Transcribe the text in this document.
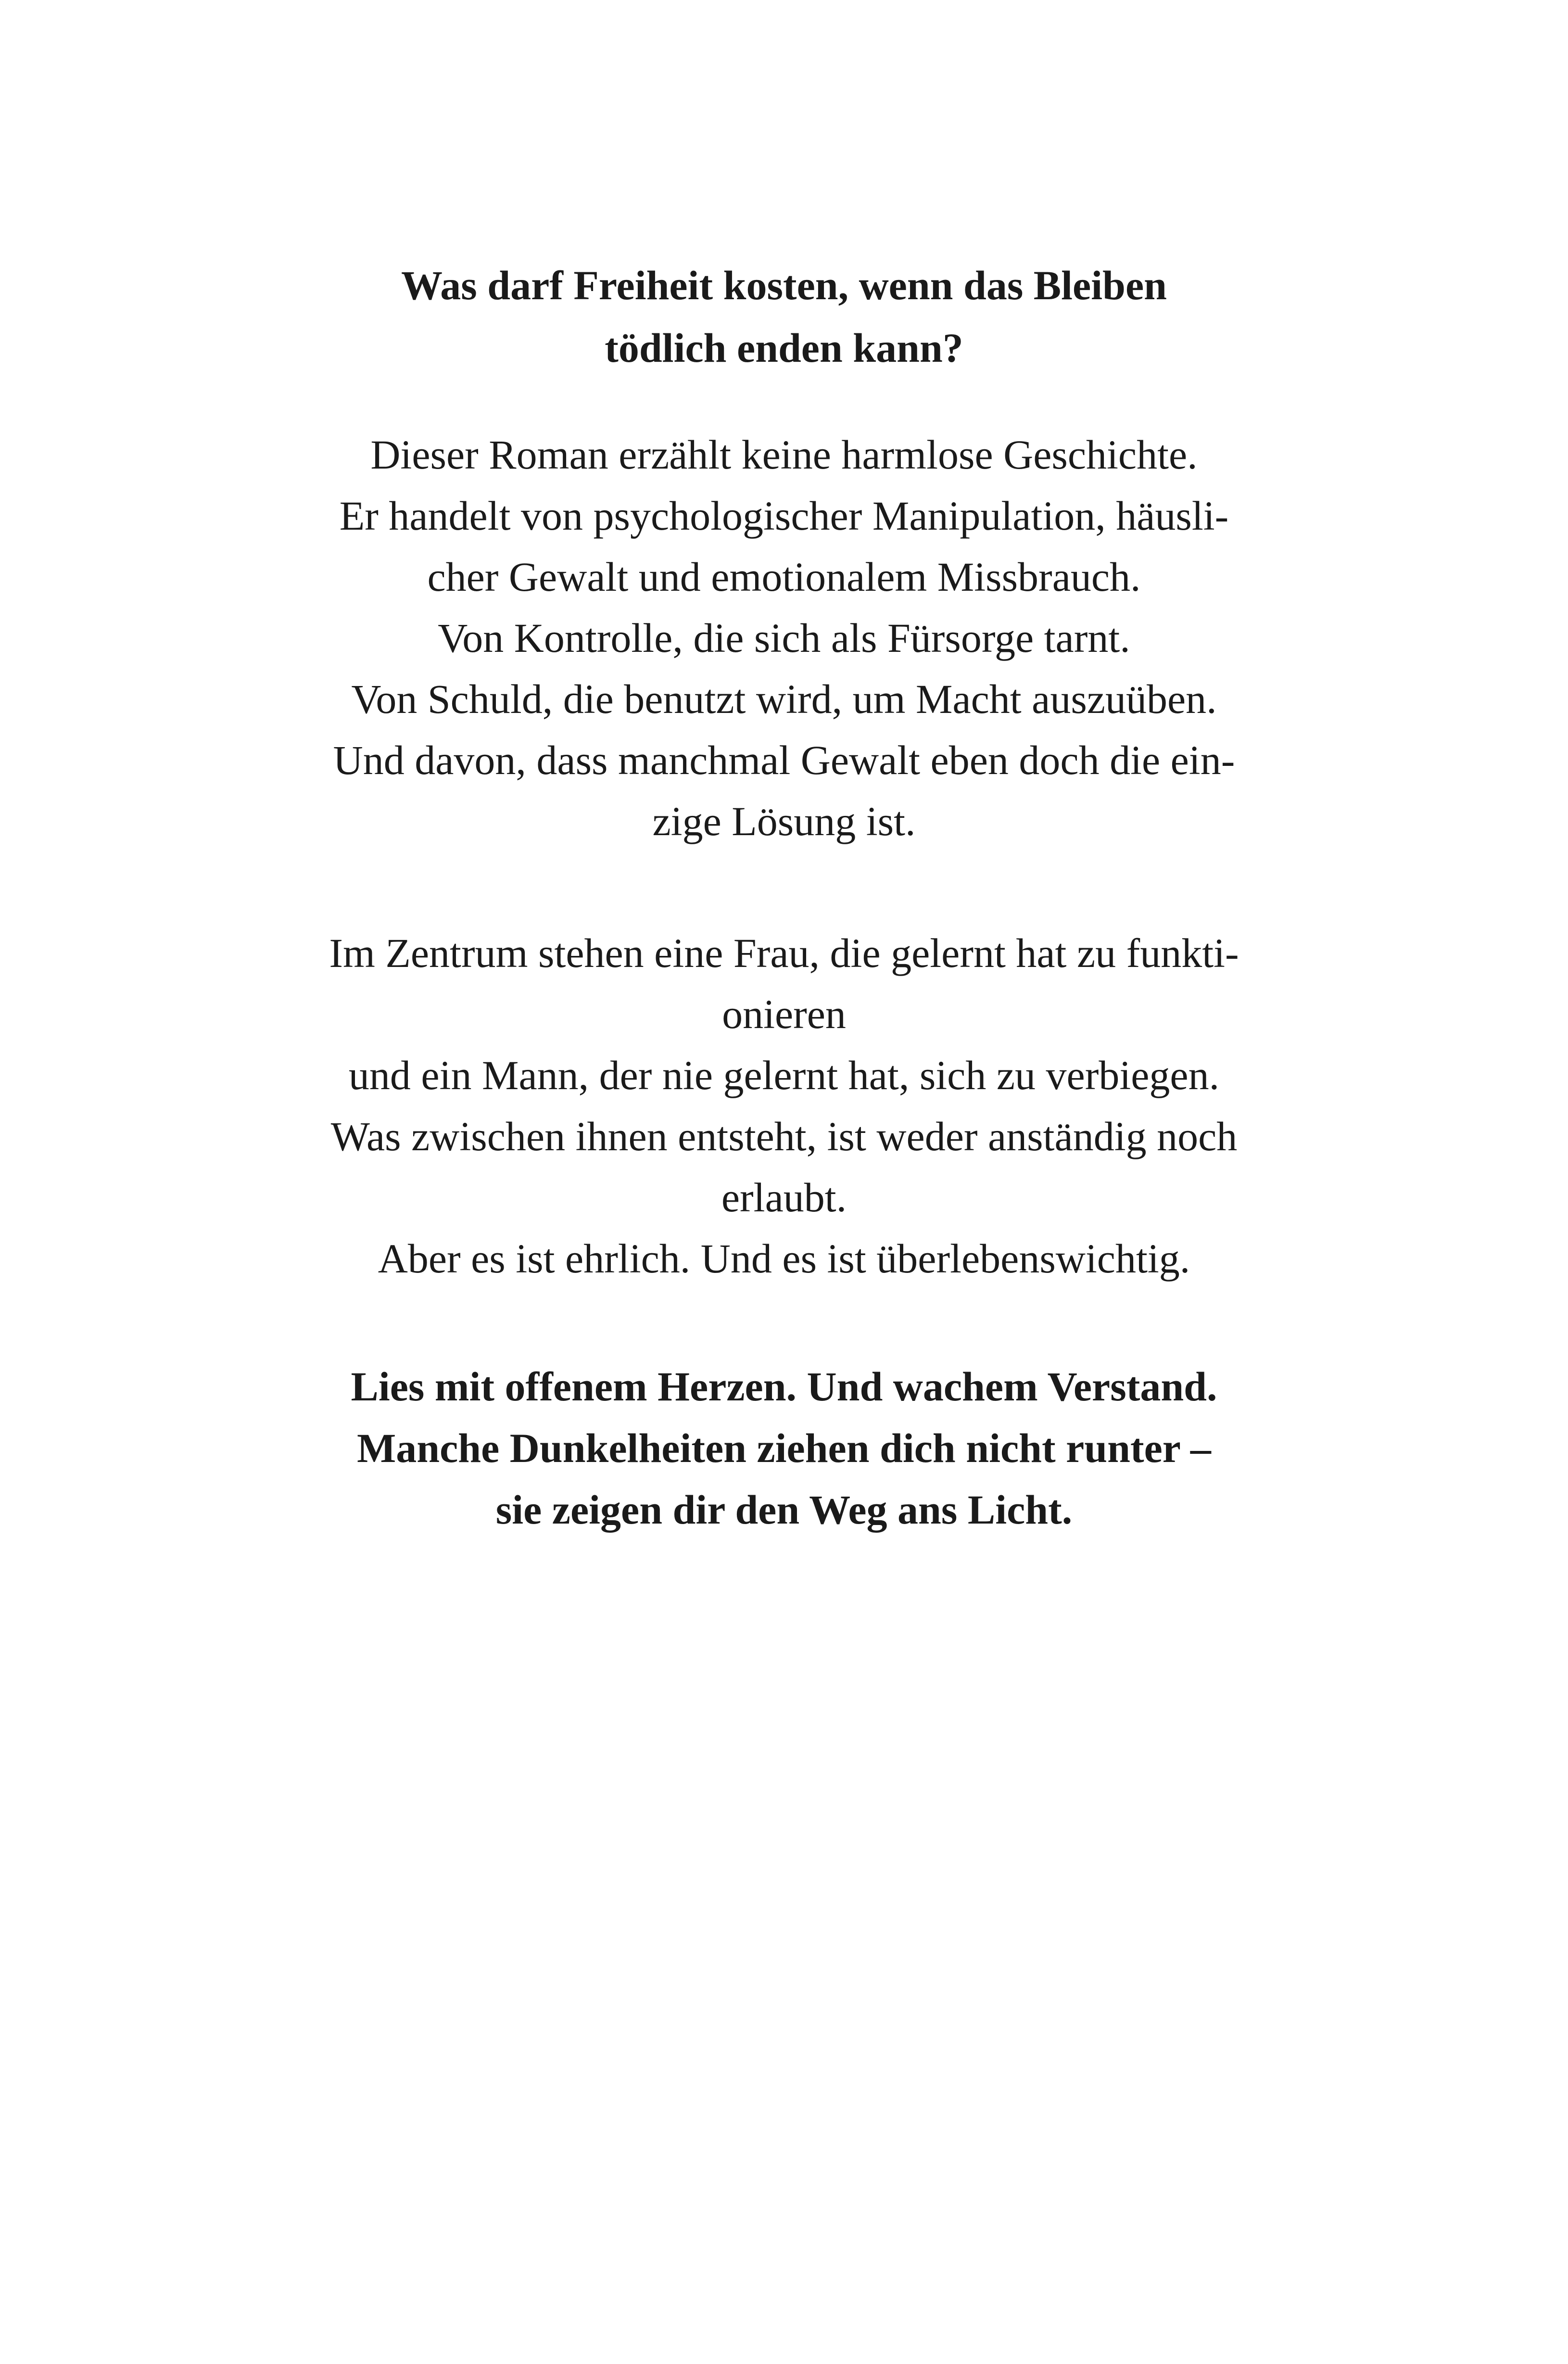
Was darf Freiheit kosten, wenn das Bleiben
tödlich enden kann?
Dieser Roman erzählt keine harmlose Geschichte.
Er handelt von psychologischer Manipulation, häusli-
cher Gewalt und emotionalem Missbrauch.
Von Kontrolle, die sich als Fürsorge tarnt.
Von Schuld, die benutzt wird, um Macht auszuüben.
Und davon, dass manchmal Gewalt eben doch die ein-
zige Lösung ist.
Im Zentrum stehen eine Frau, die gelernt hat zu funkti-
onieren
und ein Mann, der nie gelernt hat, sich zu verbiegen.
Was zwischen ihnen entsteht, ist weder anständig noch
erlaubt.
Aber es ist ehrlich. Und es ist überlebenswichtig.
Lies mit offenem Herzen. Und wachem Verstand.
Manche Dunkelheiten ziehen dich nicht runter –
sie zeigen dir den Weg ans Licht.
